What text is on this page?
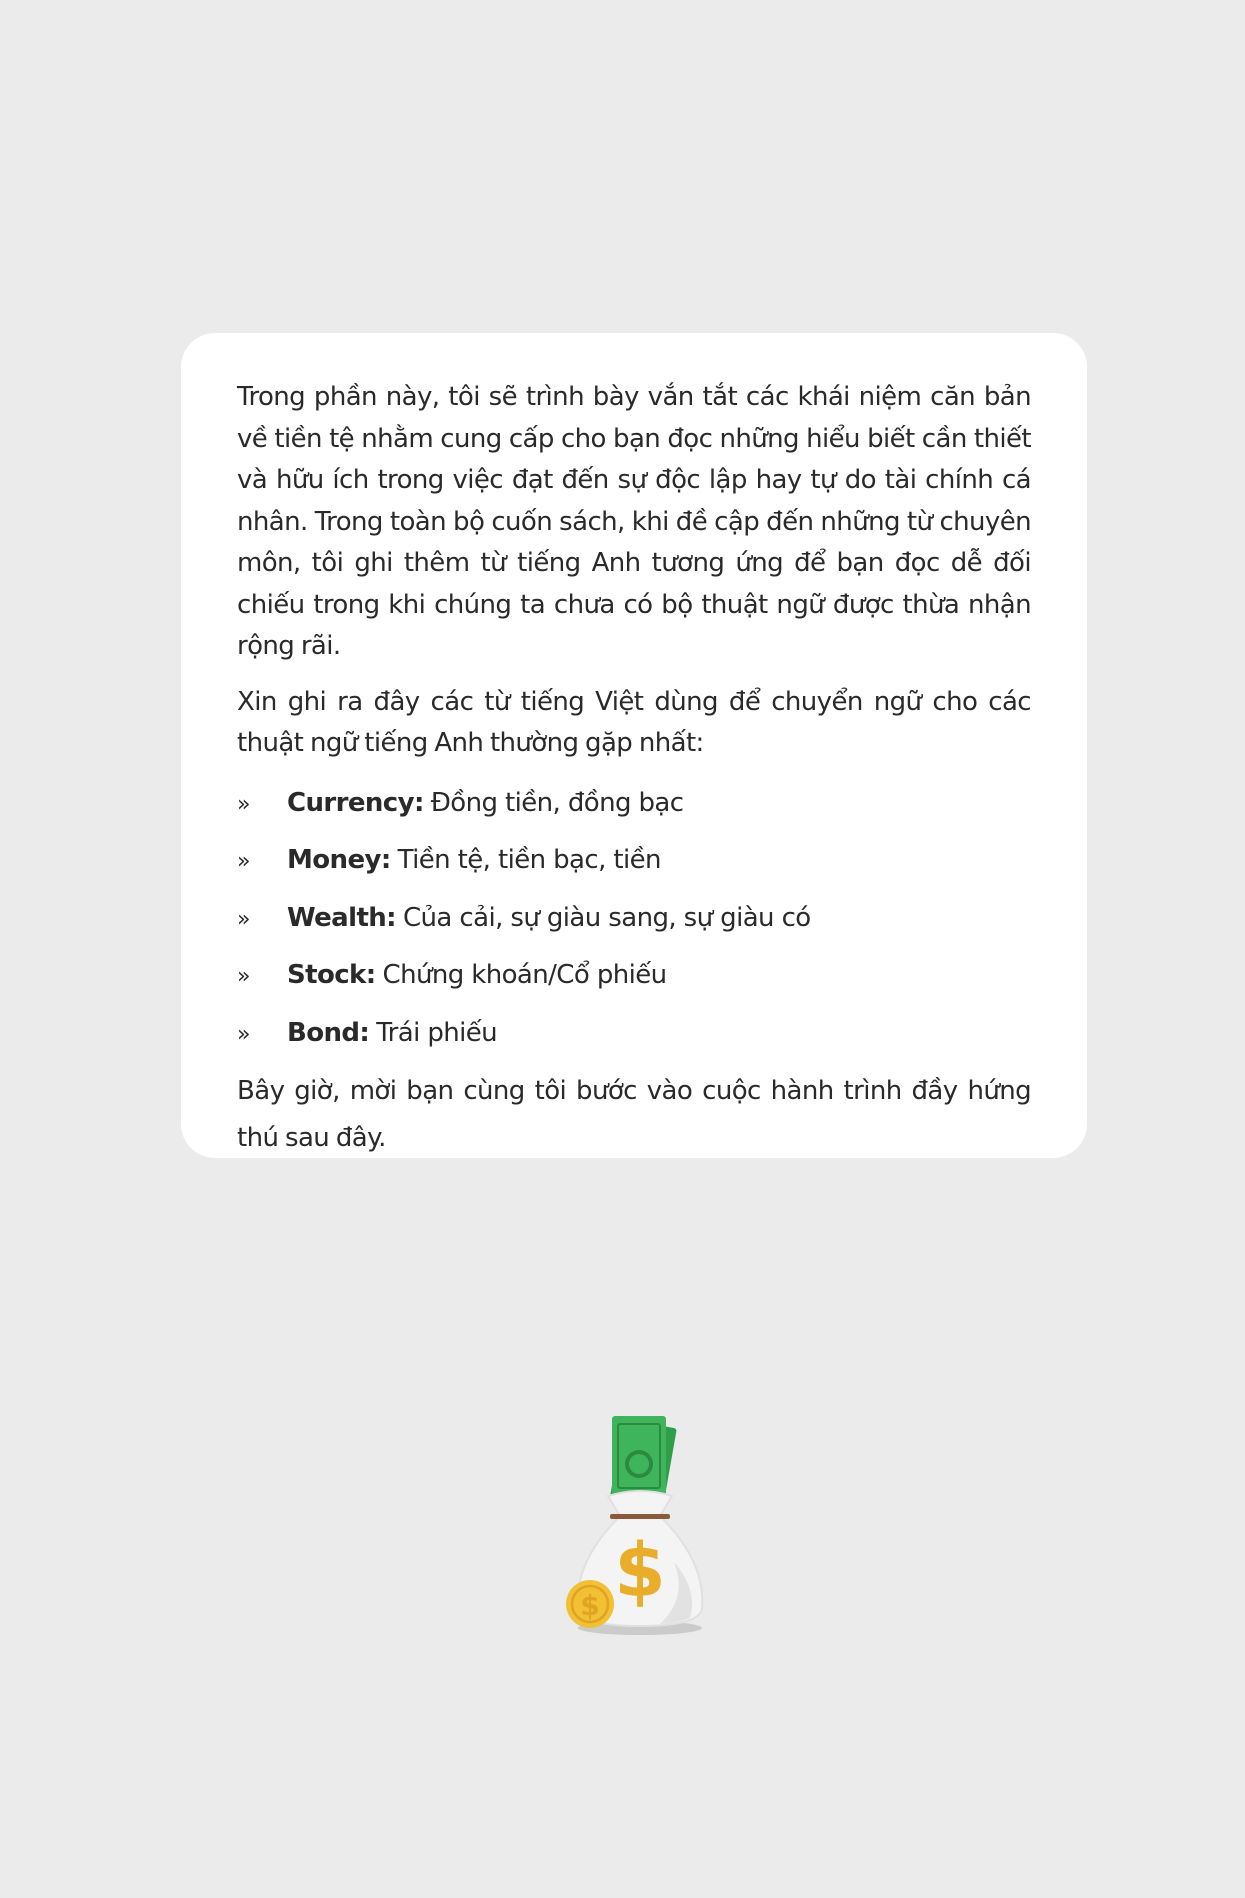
Trong phần này, tôi sẽ trình bày vắn tắt các khái niệm căn bản về tiền tệ nhằm cung cấp cho bạn đọc những hiểu biết cần thiết và hữu ích trong việc đạt đến sự độc lập hay tự do tài chính cá nhân. Trong toàn bộ cuốn sách, khi đề cập đến những từ chuyên môn, tôi ghi thêm từ tiếng Anh tương ứng để bạn đọc dễ đối chiếu trong khi chúng ta chưa có bộ thuật ngữ được thừa nhận rộng rãi.

Xin ghi ra đây các từ tiếng Việt dùng để chuyển ngữ cho các thuật ngữ tiếng Anh thường gặp nhất:

»	Currency: Đồng tiền, đồng bạc
»	Money: Tiền tệ, tiền bạc, tiền
»	Wealth: Của cải, sự giàu sang, sự giàu có
»	Stock: Chứng khoán/Cổ phiếu
»	Bond: Trái phiếu

Bây giờ, mời bạn cùng tôi bước vào cuộc hành trình đầy hứng thú sau đây.

$
$
